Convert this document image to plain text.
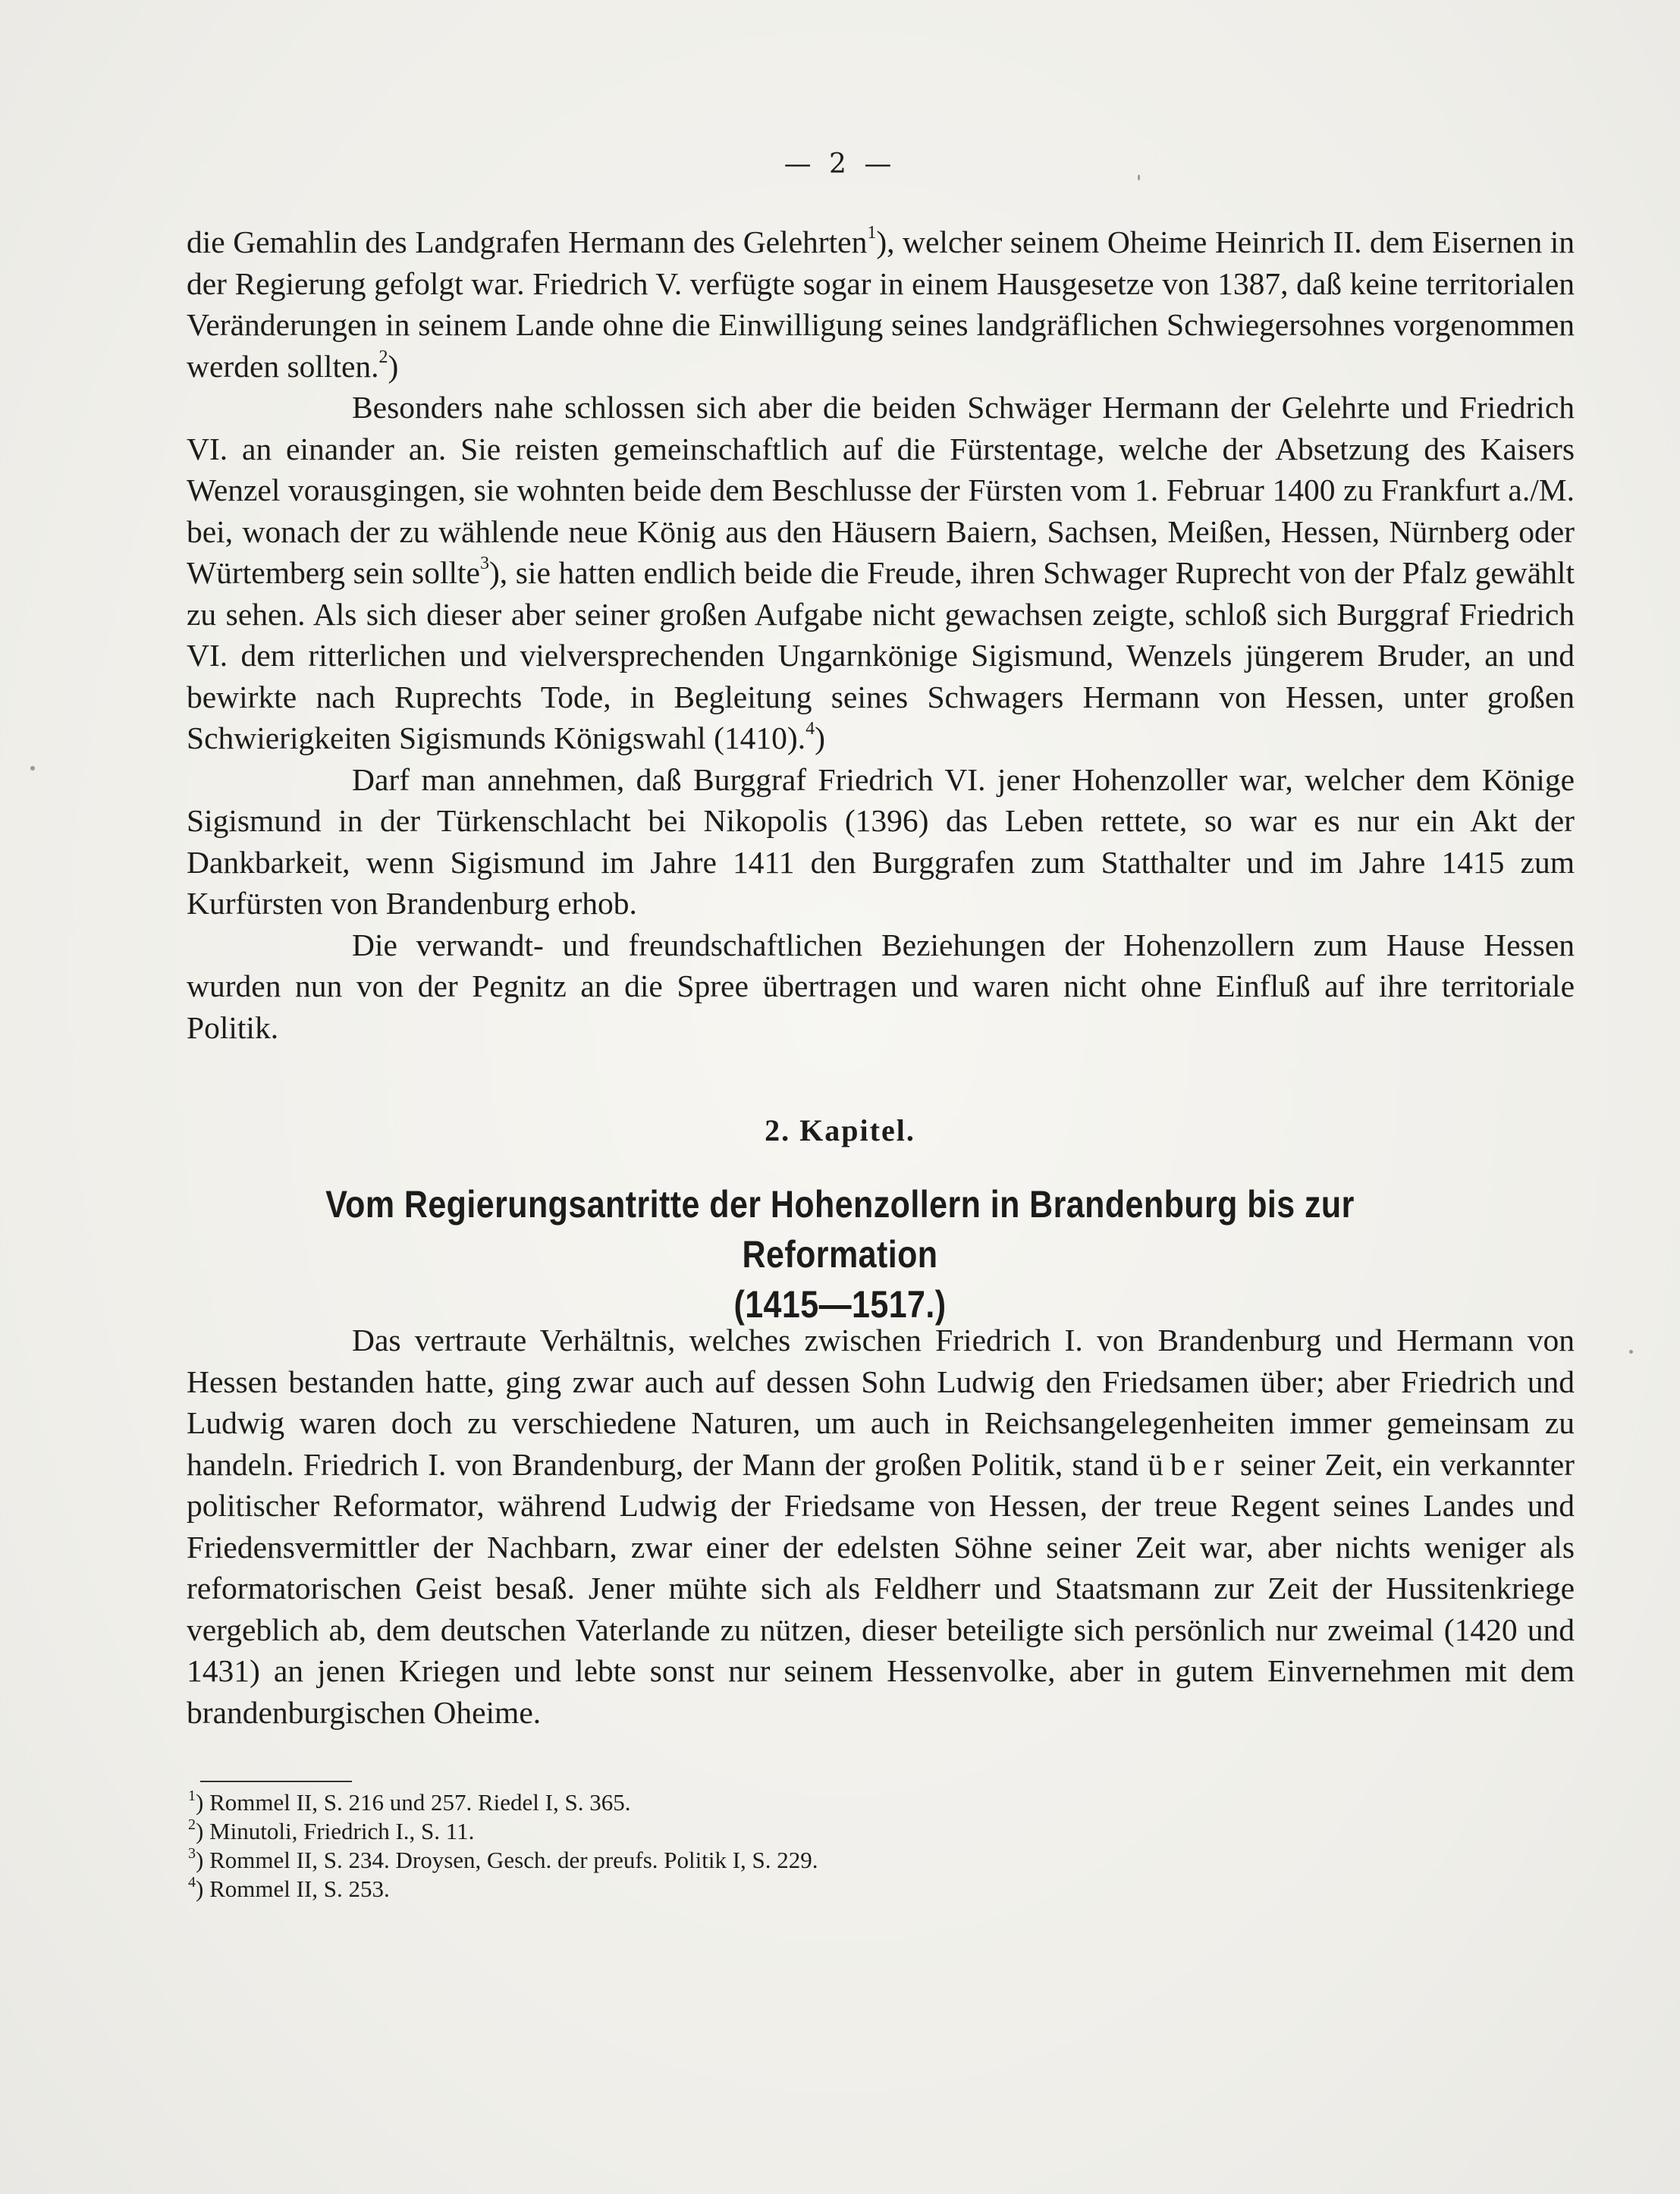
— 2 —

die Gemahlin des Landgrafen Hermann des Gelehrten$^1$), welcher seinem Oheime Heinrich II. dem Eisernen in der Regierung gefolgt war. Friedrich V. verfügte sogar in einem Hausgesetze von 1387, daß keine territorialen Veränderungen in seinem Lande ohne die Einwilligung seines landgräflichen Schwiegersohnes vorgenommen werden sollten.$^2$)

Besonders nahe schlossen sich aber die beiden Schwäger Hermann der Gelehrte und Friedrich VI. an einander an. Sie reisten gemeinschaftlich auf die Fürstentage, welche der Absetzung des Kaisers Wenzel vorausgingen, sie wohnten beide dem Beschlusse der Fürsten vom 1. Februar 1400 zu Frankfurt a./M. bei, wonach der zu wählende neue König aus den Häusern Baiern, Sachsen, Meißen, Hessen, Nürnberg oder Würtemberg sein sollte$^3$), sie hatten endlich beide die Freude, ihren Schwager Ruprecht von der Pfalz gewählt zu sehen. Als sich dieser aber seiner großen Aufgabe nicht gewachsen zeigte, schloß sich Burggraf Friedrich VI. dem ritterlichen und vielversprechenden Ungarnkönige Sigismund, Wenzels jüngerem Bruder, an und bewirkte nach Ruprechts Tode, in Begleitung seines Schwagers Hermann von Hessen, unter großen Schwierigkeiten Sigismunds Königswahl (1410).$^4$)

Darf man annehmen, daß Burggraf Friedrich VI. jener Hohenzoller war, welcher dem Könige Sigismund in der Türkenschlacht bei Nikopolis (1396) das Leben rettete, so war es nur ein Akt der Dankbarkeit, wenn Sigismund im Jahre 1411 den Burggrafen zum Statthalter und im Jahre 1415 zum Kurfürsten von Brandenburg erhob.

Die verwandt- und freundschaftlichen Beziehungen der Hohenzollern zum Hause Hessen wurden nun von der Pegnitz an die Spree übertragen und waren nicht ohne Einfluß auf ihre territoriale Politik.

2. Kapitel.
Vom Regierungsantritte der Hohenzollern in Brandenburg bis zur Reformation
(1415—1517.)

Das vertraute Verhältnis, welches zwischen Friedrich I. von Brandenburg und Hermann von Hessen bestanden hatte, ging zwar auch auf dessen Sohn Ludwig den Friedsamen über; aber Friedrich und Ludwig waren doch zu verschiedene Naturen, um auch in Reichsangelegenheiten immer gemeinsam zu handeln. Friedrich I. von Brandenburg, der Mann der großen Politik, stand über seiner Zeit, ein verkannter politischer Reformator, während Ludwig der Friedsame von Hessen, der treue Regent seines Landes und Friedensvermittler der Nachbarn, zwar einer der edelsten Söhne seiner Zeit war, aber nichts weniger als reformatorischen Geist besaß. Jener mühte sich als Feldherr und Staatsmann zur Zeit der Hussitenkriege vergeblich ab, dem deutschen Vaterlande zu nützen, dieser beteiligte sich persönlich nur zweimal (1420 und 1431) an jenen Kriegen und lebte sonst nur seinem Hessenvolke, aber in gutem Einvernehmen mit dem brandenburgischen Oheime.

$^1$) Rommel II, S. 216 und 257. Riedel I, S. 365.
$^2$) Minutoli, Friedrich I., S. 11.
$^3$) Rommel II, S. 234. Droysen, Gesch. der preufs. Politik I, S. 229.
$^4$) Rommel II, S. 253.
